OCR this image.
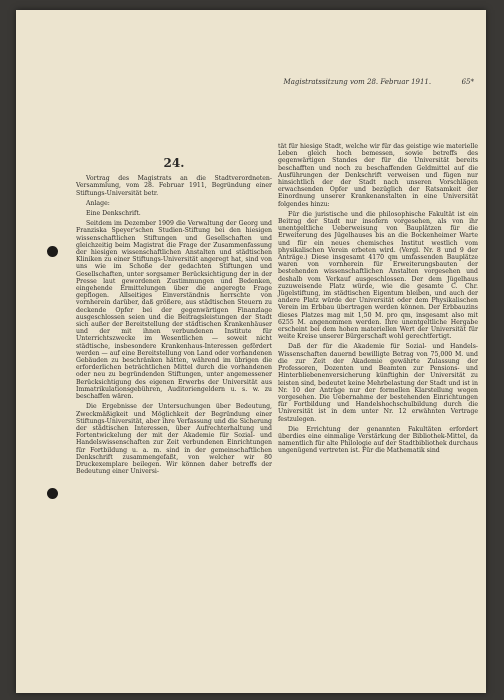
Magistratssitzung vom 28. Februar 1911.	65*
24.

Vortrag des Magistrats an die Stadtverordneten-Versammlung, vom 28. Februar 1911, Begründung einer Stiftungs-Universität betr.

Anlage:

Eine Denkschrift.

Seitdem im Dezember 1909 die Verwaltung der Georg und Franziska Speyer'schen Studien-Stiftung bei den hiesigen wissenschaftlichen Stiftungen und Gesellschaften und gleichzeitig beim Magistrat die Frage der Zusammenfassung der hiesigen wissenschaftlichen Anstalten und städtischen Kliniken zu einer Stiftungs-Universität angeregt hat, sind von uns wie im Schoße der gedachten Stiftungen und Gesellschaften, unter sorgsamer Berücksichtigung der in der Presse laut gewordenen Zustimmungen und Bedenken, eingehende Ermittelungen über die angeregte Frage gepflogen. Allseitiges Einverständnis herrschte von vornherein darüber, daß größere, aus städtischen Steuern zu deckende Opfer bei der gegenwärtigen Finanzlage ausgeschlossen seien und die Beitragsleistungen der Stadt sich außer der Bereitstellung der städtischen Krankenhäuser und der mit ihnen verbundenen Institute für Unterrichtszwecke im Wesentlichen — soweit nicht städtische, insbesondere Krankenhaus-Interessen gefördert werden — auf eine Bereitstellung von Land oder vorhandenen Gebäuden zu beschränken hätten, während im übrigen die erforderlichen beträchtlichen Mittel durch die vorhandenen oder neu zu begründenden Stiftungen, unter angemessener Berücksichtigung des eigenen Erwerbs der Universität aus Immatrikulationsgebühren, Auditoriengeldern u. s. w. zu beschaffen wären.

Die Ergebnisse der Untersuchungen über Bedeutung, Zweckmäßigkeit und Möglichkeit der Begründung einer Stiftungs-Universität, aber ihre Verfassung und die Sicherung der städtischen Interessen, über Aufrechterhaltung und Fortentwickelung der mit der Akademie für Sozial- und Handelswissenschaften zur Zeit verbundenen Einrichtungen für Fortbildung u. a. m. sind in der gemeinschaftlichen Denkschrift zusammengefaßt, von welcher wir 80 Druckexemplare beilegen. Wir können daher betreffs der Bedeutung einer Universi-

tät für hiesige Stadt, welche wir für das geistige wie materielle Leben gleich hoch bemessen, sowie betreffs des gegenwärtigen Standes der für die Universität bereits beschafften und noch zu beschaffenden Geldmittel auf die Ausführungen der Denkschrift verweisen und fügen nur hinsichtlich der der Stadt nach unseren Vorschlägen erwachsenden Opfer und bezüglich der Ratsamkeit der Einordnung unserer Krankenanstalten in eine Universität folgendes hinzu:

Für die juristische und die philosophische Fakultät ist ein Beitrag der Stadt nur insofern vorgesehen, als von ihr unentgeltliche Ueberweisung von Bauplätzen für die Erweiterung des Jügelhauses bis an die Bockenheimer Warte und für ein neues chemisches Institut westlich vom physikalischen Verein erbeten wird. (Vergl. Nr. 8 und 9 der Anträge.) Diese insgesamt 4170 qm umfassenden Bauplätze waren von vornherein für Erweiterungsbauten der bestehenden wissenschaftlichen Anstalten vorgesehen und deshalb vom Verkauf ausgeschlossen. Der dem Jügelhaus zuzuweisende Platz würde, wie die gesamte C. Chr. Jügelstiftung, im städtischen Eigentum bleiben, und auch der andere Platz würde der Universität oder dem Physikalischen Verein im Erbbau übertragen werden können. Der Erbbauzins dieses Platzes mag mit 1,50 M. pro qm, insgesamt also mit 6255 M. angenommen werden. Ihre unentgeltliche Hergabe erscheint bei dem hohen materiellen Wert der Universität für weite Kreise unserer Bürgerschaft wohl gerechtfertigt.

Daß der für die Akademie für Sozial- und Handels-Wissenschaften dauernd bewilligte Betrag von 75,000 M. und die zur Zeit der Akademie gewährte Zulassung der Professoren, Dozenten und Beamten zur Pensions- und Hinterbliebenenversicherung künftighin der Universität zu leisten sind, bedeutet keine Mehrbelastung der Stadt und ist in Nr. 10 der Anträge nur der formellen Klarstellung wegen vorgesehen. Die Uebernahme der bestehenden Einrichtungen für Fortbildung und Handelshochschulbildung durch die Universität ist in dem unter Nr. 12 erwähnten Vertrage festzulegen.

Die Errichtung der genannten Fakultäten erfordert überdies eine einmalige Verstärkung der Bibliothek-Mittel, da namentlich für alte Philologie auf der Stadtbibliothek durchaus ungenügend vertreten ist. Für die Mathematik sind
